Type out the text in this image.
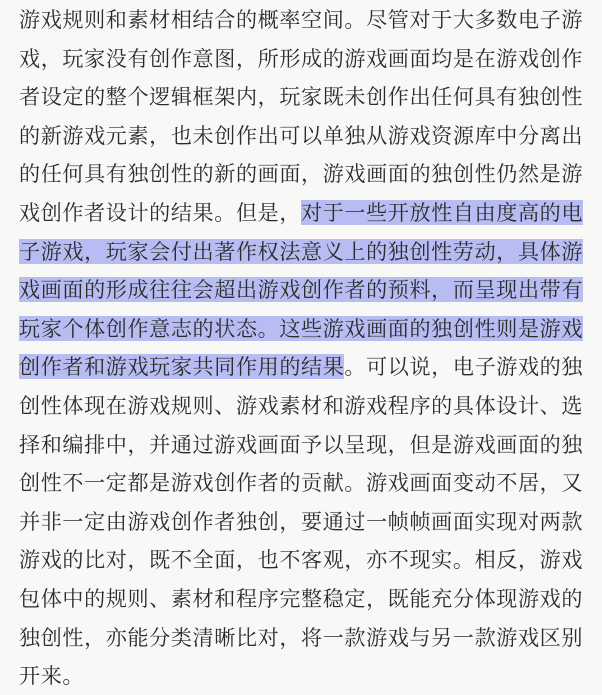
游戏规则和素材相结合的概率空间。尽管对于大多数电子游
戏，玩家没有创作意图，所形成的游戏画面均是在游戏创作
者设定的整个逻辑框架内，玩家既未创作出任何具有独创性
的新游戏元素，也未创作出可以单独从游戏资源库中分离出
的任何具有独创性的新的画面，游戏画面的独创性仍然是游
戏创作者设计的结果。但是，对于一些开放性自由度高的电
子游戏，玩家会付出著作权法意义上的独创性劳动，具体游
戏画面的形成往往会超出游戏创作者的预料，而呈现出带有
玩家个体创作意志的状态。这些游戏画面的独创性则是游戏
创作者和游戏玩家共同作用的结果。可以说，电子游戏的独
创性体现在游戏规则、游戏素材和游戏程序的具体设计、选
择和编排中，并通过游戏画面予以呈现，但是游戏画面的独
创性不一定都是游戏创作者的贡献。游戏画面变动不居，又
并非一定由游戏创作者独创，要通过一帧帧画面实现对两款
游戏的比对，既不全面，也不客观，亦不现实。相反，游戏
包体中的规则、素材和程序完整稳定，既能充分体现游戏的
独创性，亦能分类清晰比对，将一款游戏与另一款游戏区别
开来。
